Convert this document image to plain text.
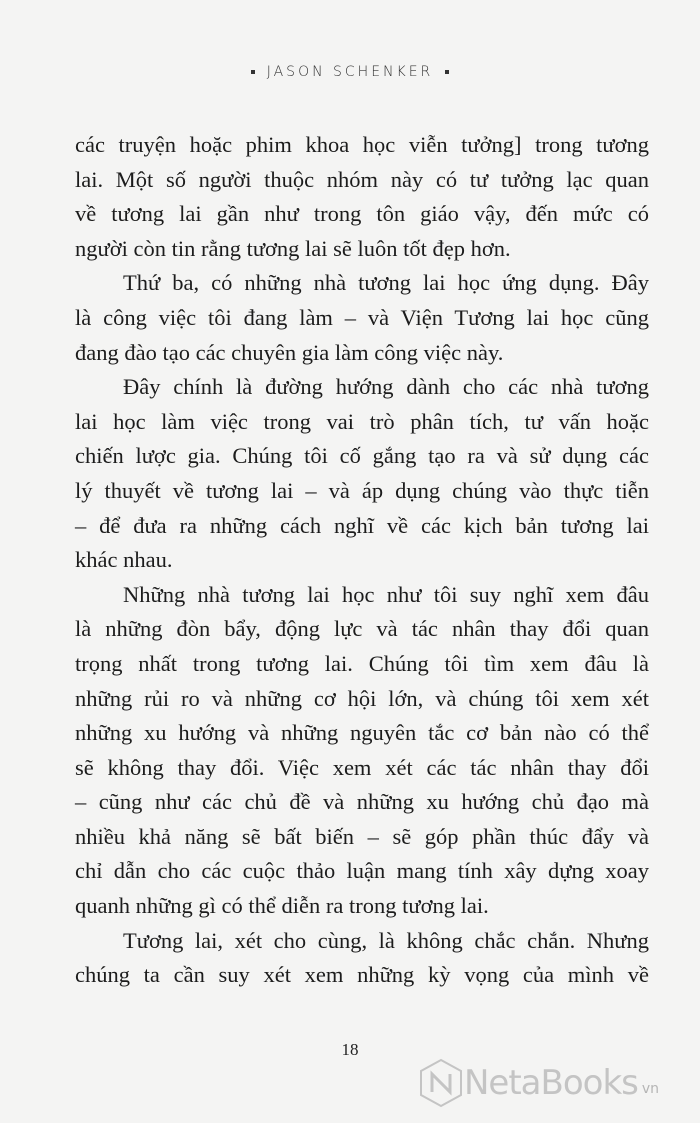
JASON SCHENKER
các truyện hoặc phim khoa học viễn tưởng] trong tương
lai. Một số người thuộc nhóm này có tư tưởng lạc quan
về tương lai gần như trong tôn giáo vậy, đến mức có
người còn tin rằng tương lai sẽ luôn tốt đẹp hơn.
Thứ ba, có những nhà tương lai học ứng dụng. Đây
là công việc tôi đang làm – và Viện Tương lai học cũng
đang đào tạo các chuyên gia làm công việc này.
Đây chính là đường hướng dành cho các nhà tương
lai học làm việc trong vai trò phân tích, tư vấn hoặc
chiến lược gia. Chúng tôi cố gắng tạo ra và sử dụng các
lý thuyết về tương lai – và áp dụng chúng vào thực tiễn
– để đưa ra những cách nghĩ về các kịch bản tương lai
khác nhau.
Những nhà tương lai học như tôi suy nghĩ xem đâu
là những đòn bẩy, động lực và tác nhân thay đổi quan
trọng nhất trong tương lai. Chúng tôi tìm xem đâu là
những rủi ro và những cơ hội lớn, và chúng tôi xem xét
những xu hướng và những nguyên tắc cơ bản nào có thể
sẽ không thay đổi. Việc xem xét các tác nhân thay đổi
– cũng như các chủ đề và những xu hướng chủ đạo mà
nhiều khả năng sẽ bất biến – sẽ góp phần thúc đẩy và
chỉ dẫn cho các cuộc thảo luận mang tính xây dựng xoay
quanh những gì có thể diễn ra trong tương lai.
Tương lai, xét cho cùng, là không chắc chắn. Nhưng
chúng ta cần suy xét xem những kỳ vọng của mình về
18
NetaBooks vn
